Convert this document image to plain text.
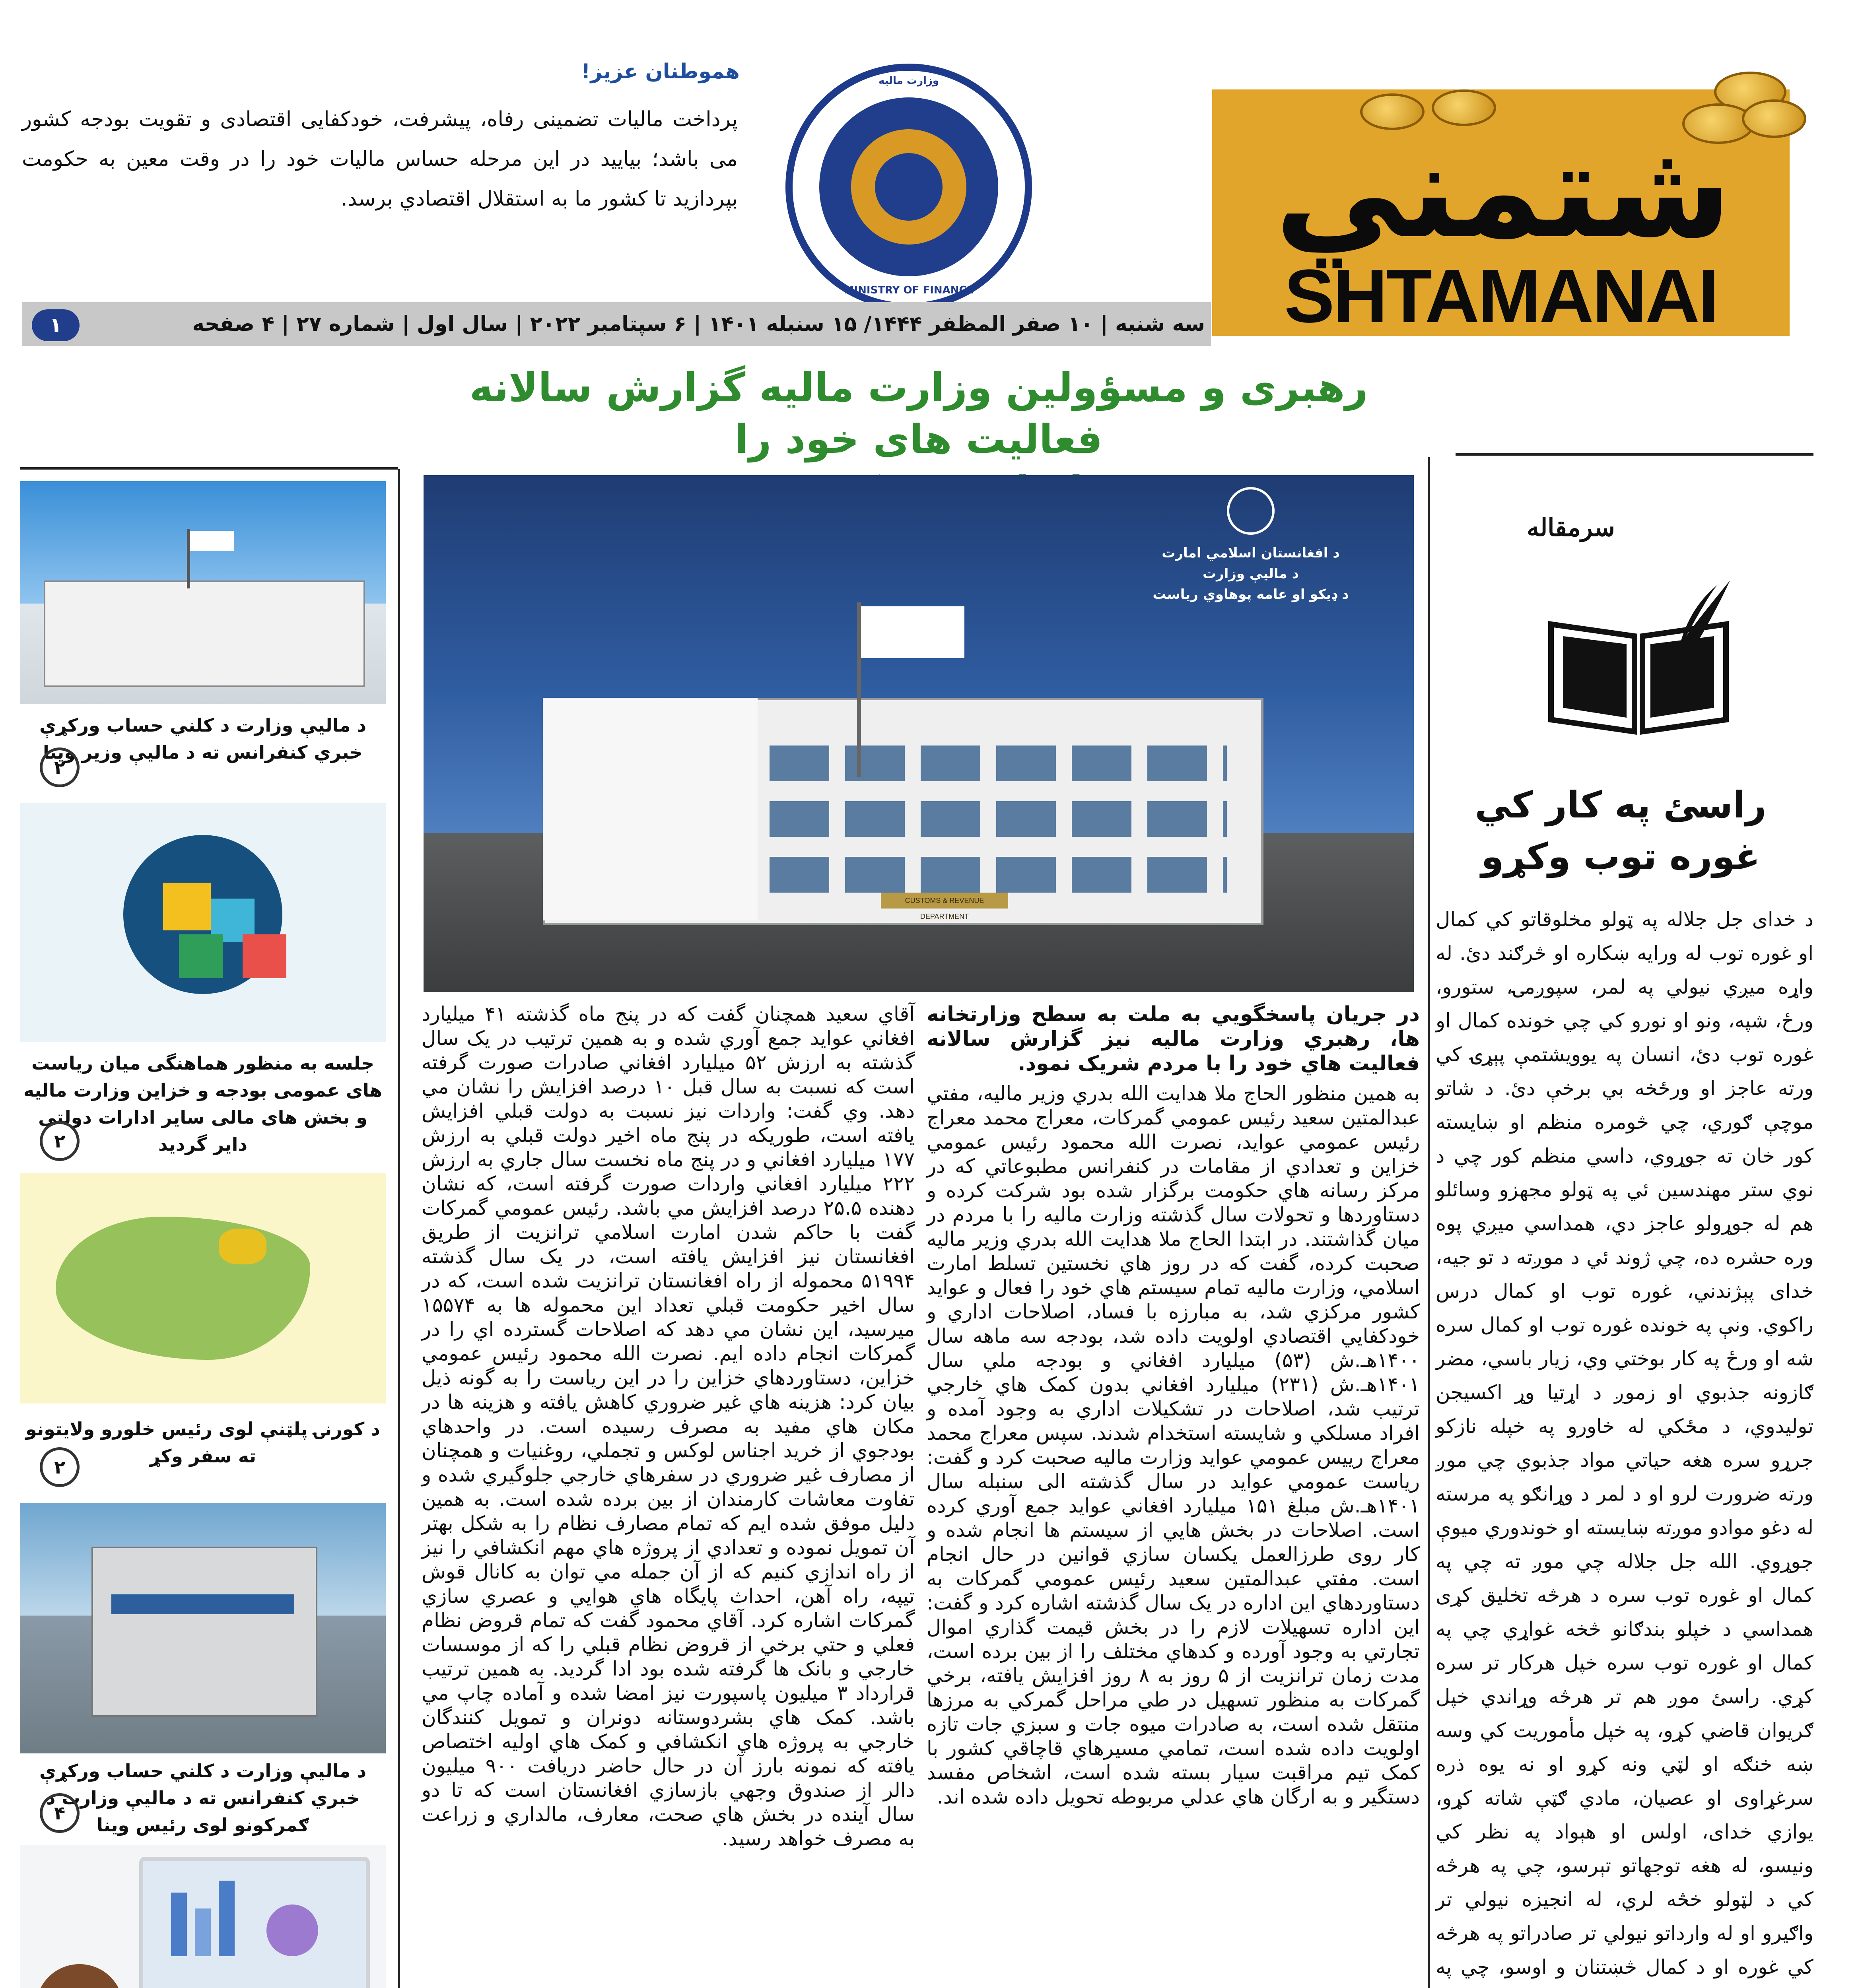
شتمني
SHTAMANAI
وزارت مالیه
MINISTRY OF FINANCE
هموطنان عزیز!
پرداخت مالیات تضمینی رفاه، پیشرفت، خودکفایی اقتصادی و تقویت بودجه کشور می باشد؛ بیایید در این مرحله حساس مالیات خود را در وقت معین به حکومت بپردازید تا کشور ما به استقلال اقتصادي برسد.
سه شنبه | ۱۰ صفر المظفر ۱۴۴۴/ ۱۵ سنبله ۱۴۰۱ | ۶ سپتامبر ۲۰۲۲ | سال اول | شماره ۲۷ | ۴ صفحه
۱
رهبری و مسؤولین وزارت مالیه گزارش سالانه فعالیت های خود را
د ماليې وزارت د کلني حساب ورکړې خبري کنفرانس ته د ماليې وزير وينا
۲
جلسه به منظور هماهنگی میان ریاست های عمومی بودجه و خزاین وزارت مالیه و بخش های مالی سایر ادارات دولتی دایر گردید
۲
د کورنۍ پلټنې لوی رئیس خلورو ولایتونو ته سفر وکړ
۲
د ماليې وزارت د کلني حساب ورکړې خبري کنفرانس ته د ماليې وزارت د ګمرکونو لوی رئیس وينا
۴
د افغانستان اسلامي امارت
د مالیې وزارت
د ډیکو او عامه پوهاوي ریاست
CUSTOMS & REVENUE DEPARTMENT
در جريان پاسخگويي به ملت به سطح وزارتخانه ها، رهبري وزارت ماليه نيز گزارش سالانه فعاليت هاي خود را با مردم شريک نمود.
به همين منظور الحاج ملا هدايت الله بدري وزير ماليه، مفتي عبدالمتين سعيد رئيس عمومي گمرکات، معراج محمد معراج رئيس عمومي عوايد، نصرت الله محمود رئيس عمومي خزاين و تعدادي از مقامات در کنفرانس مطبوعاتي که در مرکز رسانه هاي حکومت برگزار شده بود شرکت کرده و دستاوردها و تحولات سال گذشته وزارت ماليه را با مردم در ميان گذاشتند. در ابتدا الحاج ملا هدايت الله بدري وزير ماليه صحبت کرده، گفت که در روز هاي نخستين تسلط امارت اسلامي، وزارت ماليه تمام سيستم هاي خود را فعال و عوايد کشور مرکزي شد، به مبارزه با فساد، اصلاحات اداري و خودکفايي اقتصادي اولويت داده شد، بودجه سه ماهه سال ۱۴۰۰هـ.ش (۵۳) ميليارد افغاني و بودجه ملي سال ۱۴۰۱هـ.ش (۲۳۱) ميليارد افغاني بدون کمک هاي خارجي ترتيب شد، اصلاحات در تشکيلات اداري به وجود آمده و افراد مسلکي و شايسته استخدام شدند. سپس معراج محمد معراج رييس عمومي عوايد وزارت ماليه صحبت کرد و گفت: رياست عمومي عوايد در سال گذشته الی سنبله سال ۱۴۰۱هـ.ش مبلغ ۱۵۱ ميليارد افغاني عوايد جمع آوري کرده است. اصلاحات در بخش هايي از سيستم ها انجام شده و کار روی طرزالعمل يکسان سازي قوانين در حال انجام است. مفتي عبدالمتين سعيد رئيس عمومي گمرکات به دستاوردهاي اين اداره در يک سال گذشته اشاره کرد و گفت: اين اداره تسهيلات لازم را در بخش قيمت گذاري اموال تجارتي به وجود آورده و کدهاي مختلف را از بين برده است، مدت زمان ترانزيت از ۵ روز به ۸ روز افزايش يافته، برخي گمرکات به منظور تسهيل در طي مراحل گمرکي به مرزها منتقل شده است، به صادرات ميوه جات و سبزي جات تازه اولويت داده شده است، تمامي مسيرهاي قاچاقي کشور با کمک تيم مراقبت سيار بسته شده است، اشخاص مفسد دستگير و به ارگان هاي عدلي مربوطه تحويل داده شده اند.
آقاي سعيد همچنان گفت که در پنج ماه گذشته ۴۱ ميليارد افغاني عوايد جمع آوري شده و به همين ترتيب در يک سال گذشته به ارزش ۵۲ ميليارد افغاني صادرات صورت گرفته است که نسبت به سال قبل ۱۰ درصد افزايش را نشان مي دهد. وي گفت: واردات نيز نسبت به دولت قبلي افزايش يافته است، طوريکه در پنج ماه اخير دولت قبلي به ارزش ۱۷۷ ميليارد افغاني و در پنج ماه نخست سال جاري به ارزش ۲۲۲ ميليارد افغاني واردات صورت گرفته است، که نشان دهنده ۲۵.۵ درصد افزايش مي باشد. رئيس عمومي گمرکات گفت با حاکم شدن امارت اسلامي ترانزيت از طريق افغانستان نيز افزايش يافته است، در يک سال گذشته ۵۱۹۹۴ محموله از راه افغانستان ترانزيت شده است، که در سال اخير حکومت قبلي تعداد اين محموله ها به ۱۵۵۷۴ ميرسيد، اين نشان مي دهد که اصلاحات گسترده اي را در گمرکات انجام داده ايم. نصرت الله محمود رئيس عمومي خزاين، دستاوردهاي خزاين را در اين رياست را به گونه ذيل بيان کرد: هزينه هاي غير ضروري کاهش يافته و هزينه ها در مکان هاي مفيد به مصرف رسيده است. در واحدهاي بودجوي از خريد اجناس لوکس و تجملي، روغنيات و همچنان از مصارف غير ضروري در سفرهاي خارجي جلوگيري شده و تفاوت معاشات کارمندان از بين برده شده است. به همين دليل موفق شده ايم که تمام مصارف نظام را به شکل بهتر آن تمويل نموده و تعدادي از پروژه هاي مهم انکشافي را نيز از راه اندازي کنيم که از آن جمله مي توان به کانال قوش تيپه، راه آهن، احداث پايگاه هاي هوايي و عصري سازي گمرکات اشاره کرد. آقاي محمود گفت که تمام قروض نظام فعلي و حتي برخي از قروض نظام قبلي را که از موسسات خارجي و بانک ها گرفته شده بود ادا گرديد. به همين ترتيب قرارداد ۳ ميليون پاسپورت نيز امضا شده و آماده چاپ مي باشد. کمک هاي بشردوستانه دونران و تمويل کنندگان خارجي به پروژه هاي انکشافي و کمک هاي اوليه اختصاص يافته که نمونه بارز آن در حال حاضر دريافت ۹۰۰ ميليون دالر از صندوق وجهي بازسازي افغانستان است که تا دو سال آينده در بخش هاي صحت، معارف، مالداري و زراعت به مصرف خواهد رسيد.
سرمقاله
راسئ په کار کي غوره توب وکړو
د خدای جل جلاله په ټولو مخلوقاتو کي کمال او غوره توب له ورايه ښکاره او څرګند دئ. له واړه ميږي نيولي په لمر، سپوږمۍ، ستورو، ورځ، شپه، ونو او نورو کي چي خونده کمال او غوره توب دئ، انسان په يوويشتمې پېړۍ کي ورته عاجز او ورځخه بي برخې دئ. د شاتو موچې ګوري، چي څومره منظم او ښايسته کور خان ته جوړوي، داسي منظم کور چي د نوي ستر مهندسين ئي په ټولو مجهزو وسائلو هم له جوړولو عاجز دي، همداسي ميږي پوه وره حشره ده، چي ژوند ئي د موږته د تو جيه، خدای پېژندني، غوره توب او کمال درس راکوي. ونې په خونده غوره توب او کمال سره شه او ورځ په کار بوختي وي، زيار باسي، مضر ګازونه جذبوي او زموږ د اړتيا وړ اکسيجن توليدوي، د مځکي له خاورو په خپله نازکو جرړو سره هغه حياتي مواد جذبوي چي موږ ورته ضرورت لرو او د لمر د وړانګو په مرسته له دغو موادو موږته ښايسته او خوندوري ميوې جوړوي. الله جل جلاله چي موږ ته چي په کمال او غوره توب سره د هرڅه تخليق کړی همداسي د خپلو بندګانو څخه غواړي چي په کمال او غوره توب سره خپل هرکار تر سره کړي. راسئ موږ هم تر هرڅه وړاندي خپل ګريوان قاضي کړو، په خپل مأموريت کي وسه ښه خنګه او لټي ونه کړو او نه يوه ذره سرغړاوی او عصيان، مادي ګټې شاته کړو، يوازي خدای، اولس او هېواد په نظر کي ونيسو، له هغه توجهاتو تېرسو، چي په هرڅه کي د لټولو خڅه لري، له انجيزه نيولي تر واګيرو او له وارداتو نيولي تر صادراتو په هرڅه کي غوره او د کمال څښتنان و اوسو، چي په
